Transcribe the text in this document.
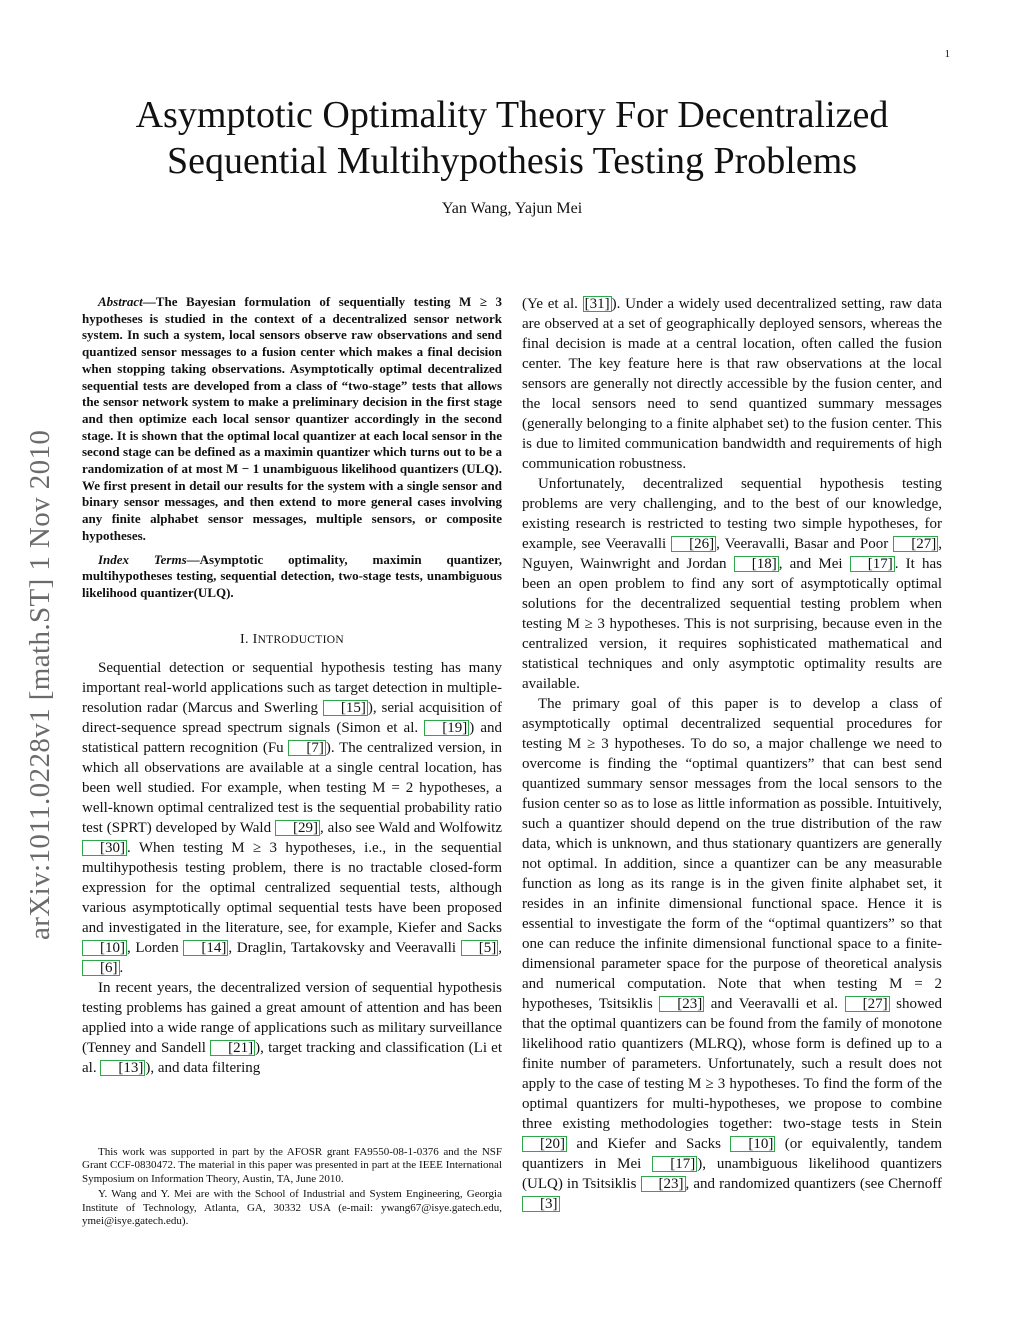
1
Asymptotic Optimality Theory For Decentralized
Sequential Multihypothesis Testing Problems
Yan Wang, Yajun Mei
arXiv:1011.0228v1 [math.ST] 1 Nov 2010

Abstract—The Bayesian formulation of sequentially testing M ≥ 3 hypotheses is studied in the context of a decentralized sensor network system. In such a system, local sensors observe raw observations and send quantized sensor messages to a fusion center which makes a final decision when stopping taking observations. Asymptotically optimal decentralized sequential tests are developed from a class of “two-stage” tests that allows the sensor network system to make a preliminary decision in the first stage and then optimize each local sensor quantizer accordingly in the second stage. It is shown that the optimal local quantizer at each local sensor in the second stage can be defined as a maximin quantizer which turns out to be a randomization of at most M − 1 unambiguous likelihood quantizers (ULQ). We first present in detail our results for the system with a single sensor and binary sensor messages, and then extend to more general cases involving any finite alphabet sensor messages, multiple sensors, or composite hypotheses.

Index Terms—Asymptotic optimality, maximin quantizer, multihypotheses testing, sequential detection, two-stage tests, unambiguous likelihood quantizer(ULQ).

I. INTRODUCTION

Sequential detection or sequential hypothesis testing has many important real-world applications such as target detection in multiple-resolution radar (Marcus and Swerling [15] ), serial acquisition of direct-sequence spread spectrum signals (Simon et al. [19] ) and statistical pattern recognition (Fu [7] ). The centralized version, in which all observations are available at a single central location, has been well studied. For example, when testing M = 2 hypotheses, a well-known optimal centralized test is the sequential probability ratio test (SPRT) developed by Wald [29] , also see Wald and Wolfowitz [30] . When testing M ≥ 3 hypotheses, i.e., in the sequential multihypothesis testing problem, there is no tractable closed-form expression for the optimal centralized sequential tests, although various asymptotically optimal sequential tests have been proposed and investigated in the literature, see, for example, Kiefer and Sacks [10] , Lorden [14] , Draglin, Tartakovsky and Veeravalli [5] , [6] .

In recent years, the decentralized version of sequential hypothesis testing problems has gained a great amount of attention and has been applied into a wide range of applications such as military surveillance (Tenney and Sandell [21] ), target tracking and classification (Li et al. [13] ), and data filtering

This work was supported in part by the AFOSR grant FA9550-08-1-0376 and the NSF Grant CCF-0830472. The material in this paper was presented in part at the IEEE International Symposium on Information Theory, Austin, TA, June 2010.

Y. Wang and Y. Mei are with the School of Industrial and System Engineering, Georgia Institute of Technology, Atlanta, GA, 30332 USA (e-mail: ywang67@isye.gatech.edu, ymei@isye.gatech.edu).

(Ye et al. [31] ). Under a widely used decentralized setting, raw data are observed at a set of geographically deployed sensors, whereas the final decision is made at a central location, often called the fusion center. The key feature here is that raw observations at the local sensors are generally not directly accessible by the fusion center, and the local sensors need to send quantized summary messages (generally belonging to a finite alphabet set) to the fusion center. This is due to limited communication bandwidth and requirements of high communication robustness.

Unfortunately, decentralized sequential hypothesis testing problems are very challenging, and to the best of our knowledge, existing research is restricted to testing two simple hypotheses, for example, see Veeravalli [26] , Veeravalli, Basar and Poor [27] , Nguyen, Wainwright and Jordan [18] , and Mei [17] . It has been an open problem to find any sort of asymptotically optimal solutions for the decentralized sequential testing problem when testing M ≥ 3 hypotheses. This is not surprising, because even in the centralized version, it requires sophisticated mathematical and statistical techniques and only asymptotic optimality results are available.

The primary goal of this paper is to develop a class of asymptotically optimal decentralized sequential procedures for testing M ≥ 3 hypotheses. To do so, a major challenge we need to overcome is finding the “optimal quantizers” that can best send quantized summary sensor messages from the local sensors to the fusion center so as to lose as little information as possible. Intuitively, such a quantizer should depend on the true distribution of the raw data, which is unknown, and thus stationary quantizers are generally not optimal. In addition, since a quantizer can be any measurable function as long as its range is in the given finite alphabet set, it resides in an infinite dimensional functional space. Hence it is essential to investigate the form of the “optimal quantizers” so that one can reduce the infinite dimensional functional space to a finite-dimensional parameter space for the purpose of theoretical analysis and numerical computation. Note that when testing M = 2 hypotheses, Tsitsiklis [23] and Veeravalli et al. [27] showed that the optimal quantizers can be found from the family of monotone likelihood ratio quantizers (MLRQ), whose form is defined up to a finite number of parameters. Unfortunately, such a result does not apply to the case of testing M ≥ 3 hypotheses. To find the form of the optimal quantizers for multi-hypotheses, we propose to combine three existing methodologies together: two-stage tests in Stein [20] and Kiefer and Sacks [10] (or equivalently, tandem quantizers in Mei [17] ), unambiguous likelihood quantizers (ULQ) in Tsitsiklis [23] , and randomized quantizers (see Chernoff [3]
